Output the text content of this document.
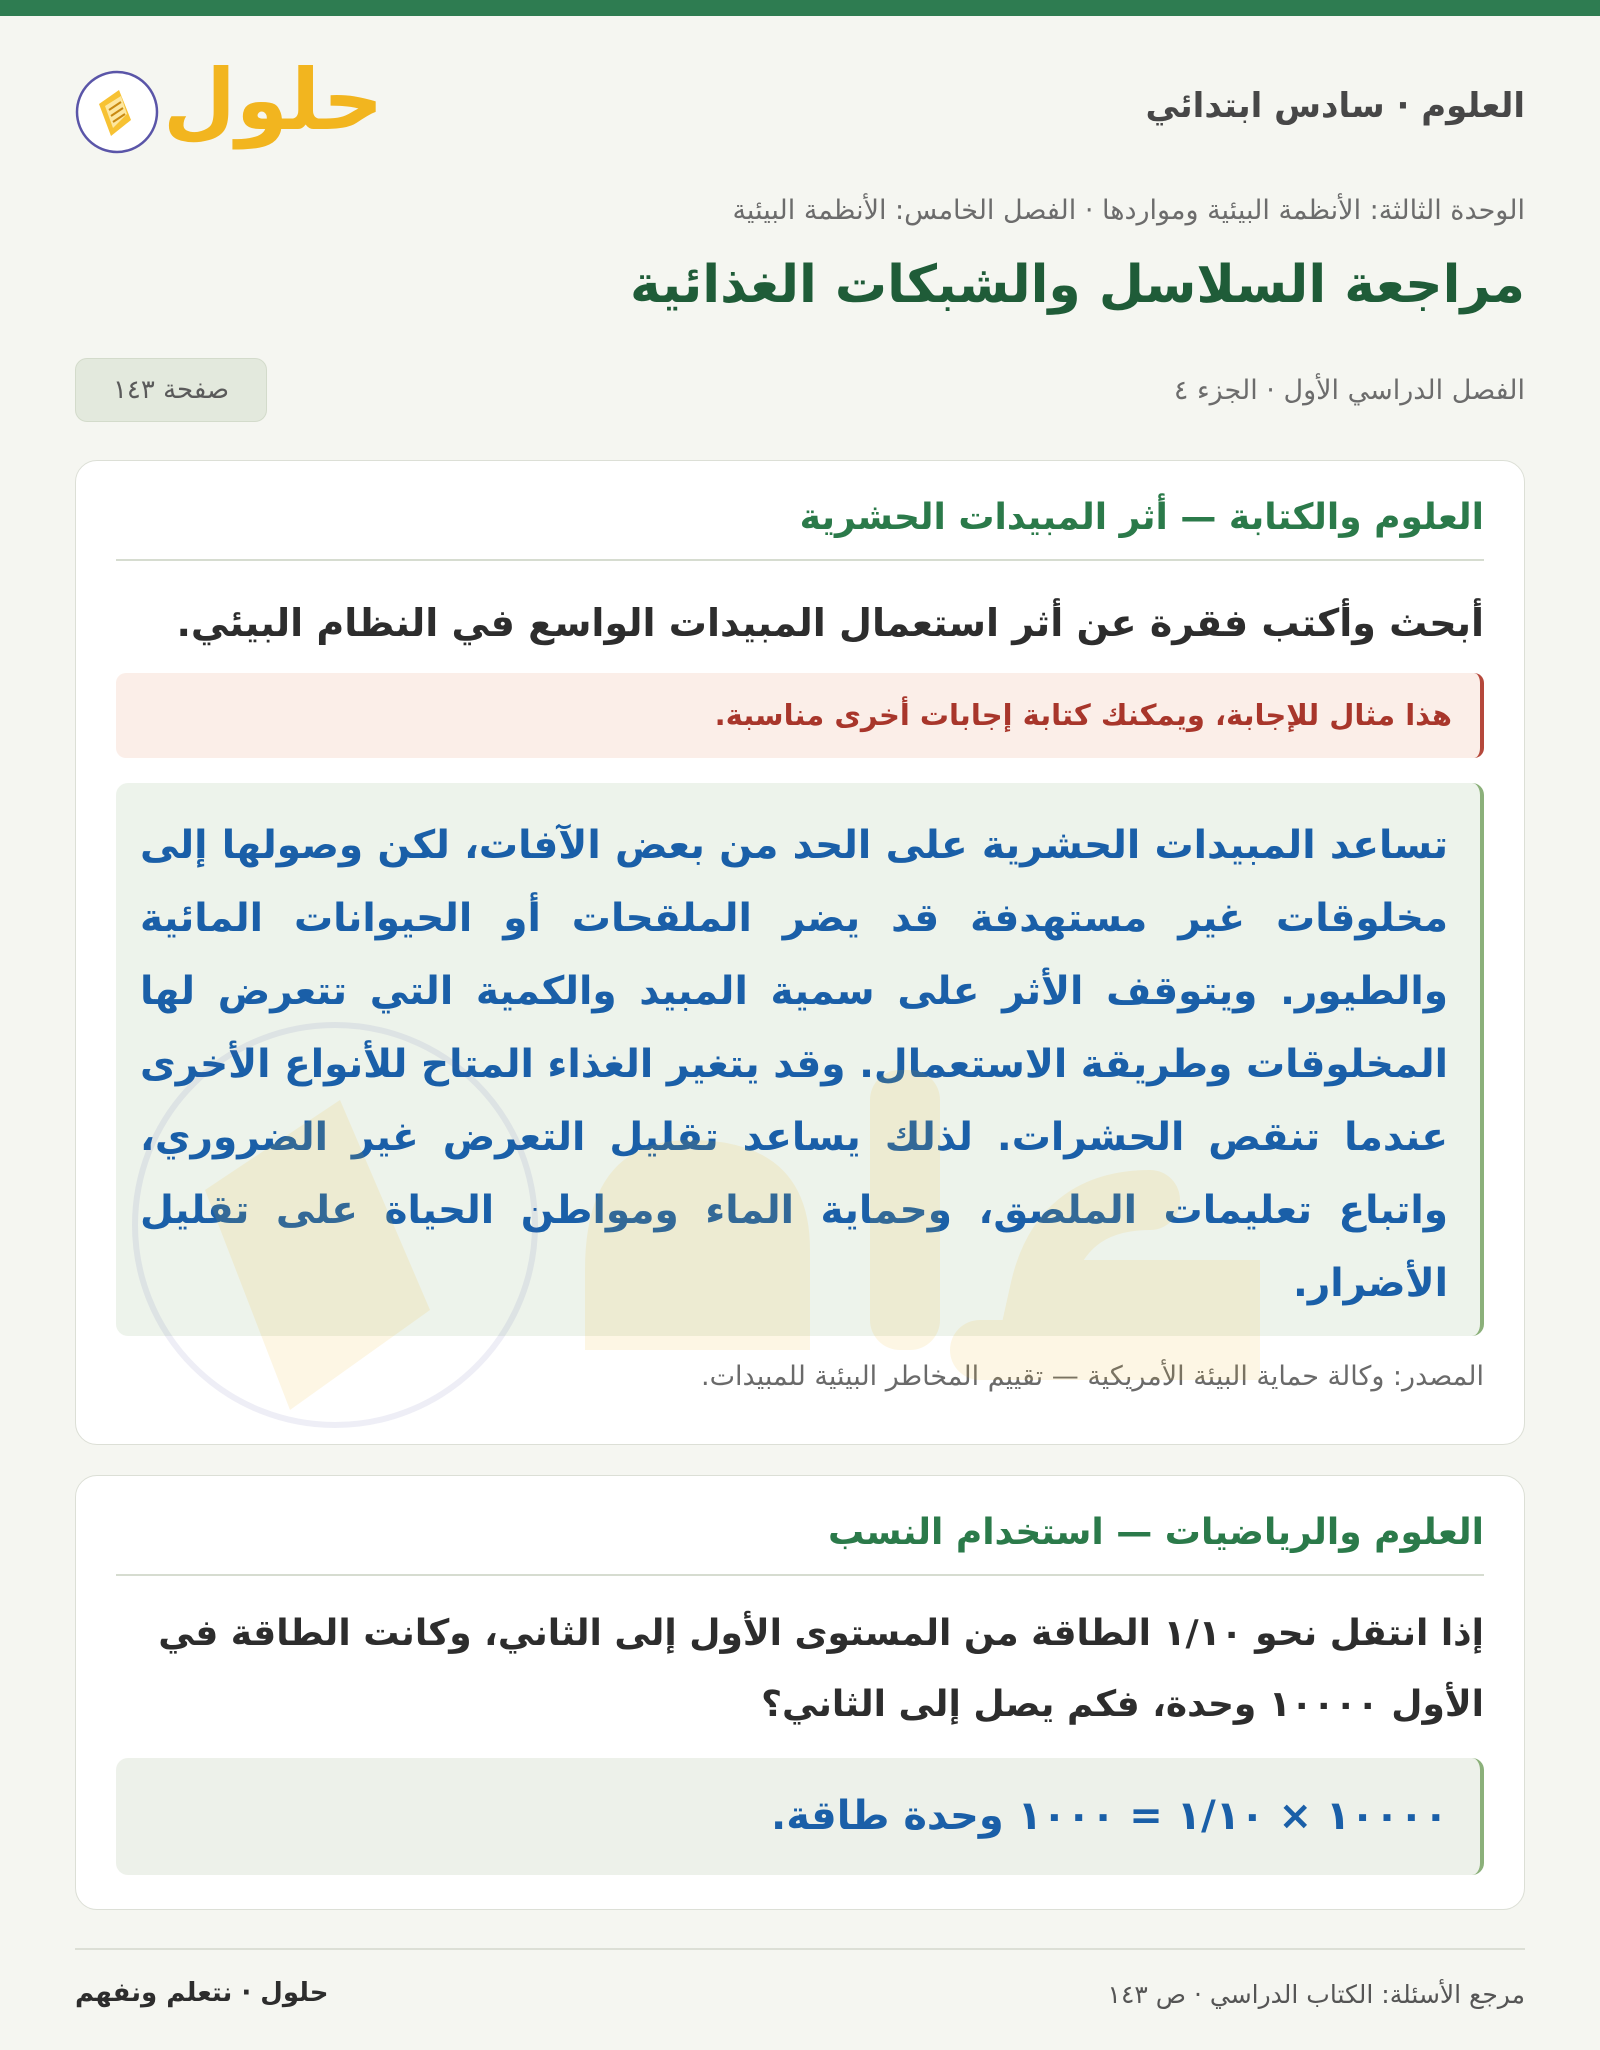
العلوم · سادس ابتدائي
حلول
الوحدة الثالثة: الأنظمة البيئية ومواردها · الفصل الخامس: الأنظمة البيئية
مراجعة السلاسل والشبكات الغذائية
الفصل الدراسي الأول · الجزء ٤
صفحة ١٤٣
العلوم والكتابة — أثر المبيدات الحشرية
أبحث وأكتب فقرة عن أثر استعمال المبيدات الواسع في النظام البيئي.
هذا مثال للإجابة، ويمكنك كتابة إجابات أخرى مناسبة.
تساعد المبيدات الحشرية على الحد من بعض الآفات، لكن وصولها إلى مخلوقات غير مستهدفة قد يضر الملقحات أو الحيوانات المائية والطيور. ويتوقف الأثر على سمية المبيد والكمية التي تتعرض لها المخلوقات وطريقة الاستعمال. وقد يتغير الغذاء المتاح للأنواع الأخرى عندما تنقص الحشرات. لذلك يساعد تقليل التعرض غير الضروري، واتباع تعليمات الملصق، وحماية الماء ومواطن الحياة على تقليل الأضرار.
المصدر: وكالة حماية البيئة الأمريكية — تقييم المخاطر البيئية للمبيدات.
العلوم والرياضيات — استخدام النسب
إذا انتقل نحو ١/١٠ الطاقة من المستوى الأول إلى الثاني، وكانت الطاقة في الأول ١٠٠٠٠ وحدة، فكم يصل إلى الثاني؟
١٠٠٠٠ × ١/١٠ = ١٠٠٠ وحدة طاقة.
مرجع الأسئلة: الكتاب الدراسي · ص ١٤٣
حلول · نتعلم ونفهم
